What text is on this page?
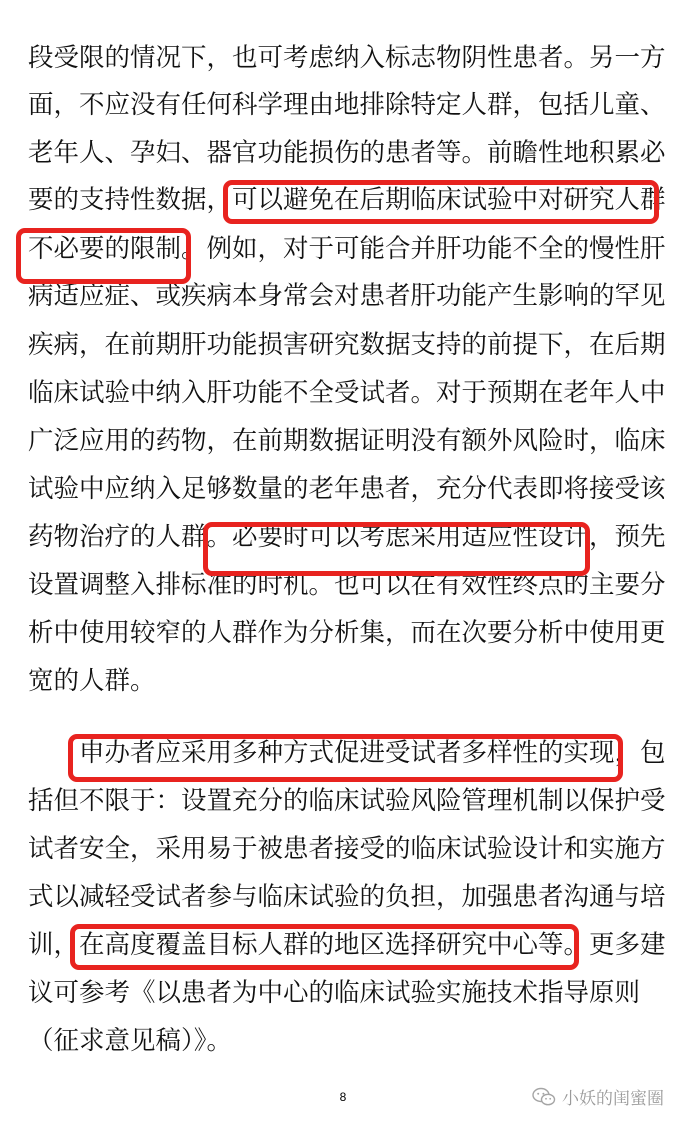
段受限的情况下，也可考虑纳入标志物阴性患者。另一方
面，不应没有任何科学理由地排除特定人群，包括儿童、
老年人、孕妇、器官功能损伤的患者等。前瞻性地积累必
要的支持性数据，可以避免在后期临床试验中对研究人群
不必要的限制。例如，对于可能合并肝功能不全的慢性肝
病适应症、或疾病本身常会对患者肝功能产生影响的罕见
疾病，在前期肝功能损害研究数据支持的前提下，在后期
临床试验中纳入肝功能不全受试者。对于预期在老年人中
广泛应用的药物，在前期数据证明没有额外风险时，临床
试验中应纳入足够数量的老年患者，充分代表即将接受该
药物治疗的人群。必要时可以考虑采用适应性设计，预先
设置调整入排标准的时机。也可以在有效性终点的主要分
析中使用较窄的人群作为分析集，而在次要分析中使用更
宽的人群。
　　申办者应采用多种方式促进受试者多样性的实现，包
括但不限于：设置充分的临床试验风险管理机制以保护受
试者安全，采用易于被患者接受的临床试验设计和实施方
式以减轻受试者参与临床试验的负担，加强患者沟通与培
训，在高度覆盖目标人群的地区选择研究中心等。更多建
议可参考《以患者为中心的临床试验实施技术指导原则
（征求意见稿）》。
8	小妖的闺蜜圈
